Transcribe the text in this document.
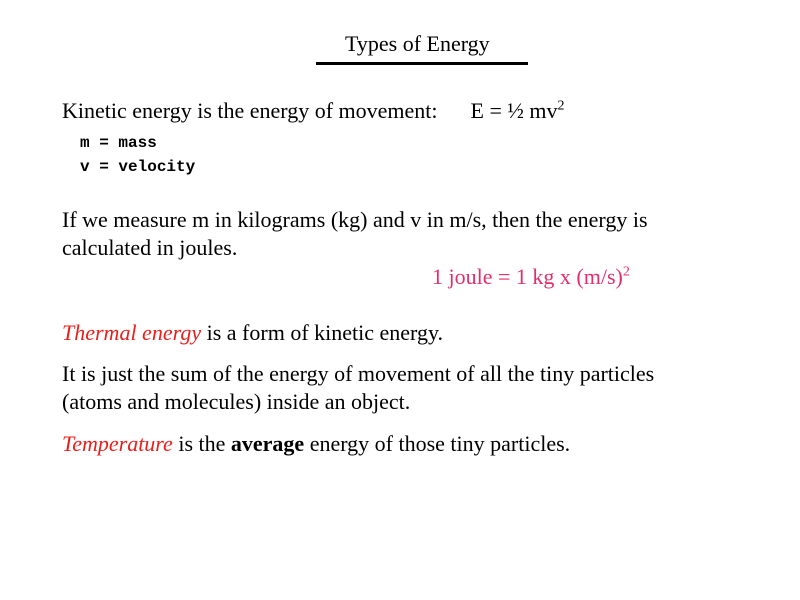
Types of Energy
Kinetic energy is the energy of movement: E = ½ $mv^2$
m = mass
v = velocity
If we measure m in kilograms (kg) and v in m/s, then the energy is
calculated in joules.
1 joule = 1 kg x $(m/s)^2$
Thermal energy is a form of kinetic energy.
It is just the sum of the energy of movement of all the tiny particles
(atoms and molecules) inside an object.
Temperature is the average energy of those tiny particles.
